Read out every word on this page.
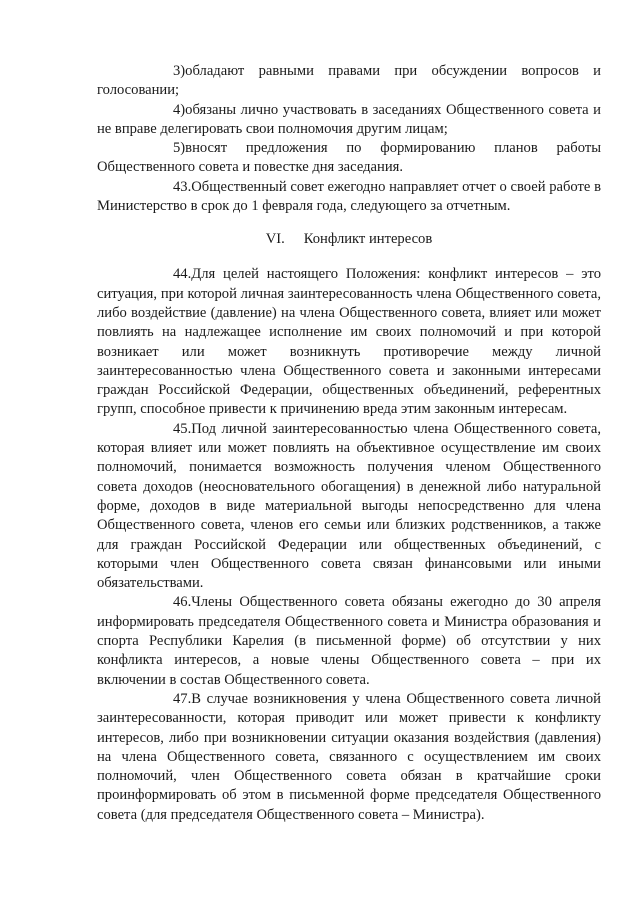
3)обладают равными правами при обсуждении вопросов и голосовании;

4)обязаны лично участвовать в заседаниях Общественного совета и не вправе делегировать свои полномочия другим лицам;

5)вносят предложения по формированию планов работы Общественного совета и повестке дня заседания.

43.Общественный совет ежегодно направляет отчет о своей работе в Министерство в срок до 1 февраля года, следующего за отчетным.

VI. Конфликт интересов

44.Для целей настоящего Положения: конфликт интересов – это ситуация, при которой личная заинтересованность члена Общественного совета, либо воздействие (давление) на члена Общественного совета, влияет или может повлиять на надлежащее исполнение им своих полномочий и при которой возникает или может возникнуть противоречие между личной заинтересованностью члена Общественного совета и законными интересами граждан Российской Федерации, общественных объединений, референтных групп, способное привести к причинению вреда этим законным интересам.

45.Под личной заинтересованностью члена Общественного совета, которая влияет или может повлиять на объективное осуществление им своих полномочий, понимается возможность получения членом Общественного совета доходов (неосновательного обогащения) в денежной либо натуральной форме, доходов в виде материальной выгоды непосредственно для члена Общественного совета, членов его семьи или близких родственников, а также для граждан Российской Федерации или общественных объединений, с которыми член Общественного совета связан финансовыми или иными обязательствами.

46.Члены Общественного совета обязаны ежегодно до 30 апреля информировать председателя Общественного совета и Министра образования и спорта Республики Карелия (в письменной форме) об отсутствии у них конфликта интересов, а новые члены Общественного совета – при их включении в состав Общественного совета.

47.В случае возникновения у члена Общественного совета личной заинтересованности, которая приводит или может привести к конфликту интересов, либо при возникновении ситуации оказания воздействия (давления) на члена Общественного совета, связанного с осуществлением им своих полномочий, член Общественного совета обязан в кратчайшие сроки проинформировать об этом в письменной форме председателя Общественного совета (для председателя Общественного совета – Министра).
